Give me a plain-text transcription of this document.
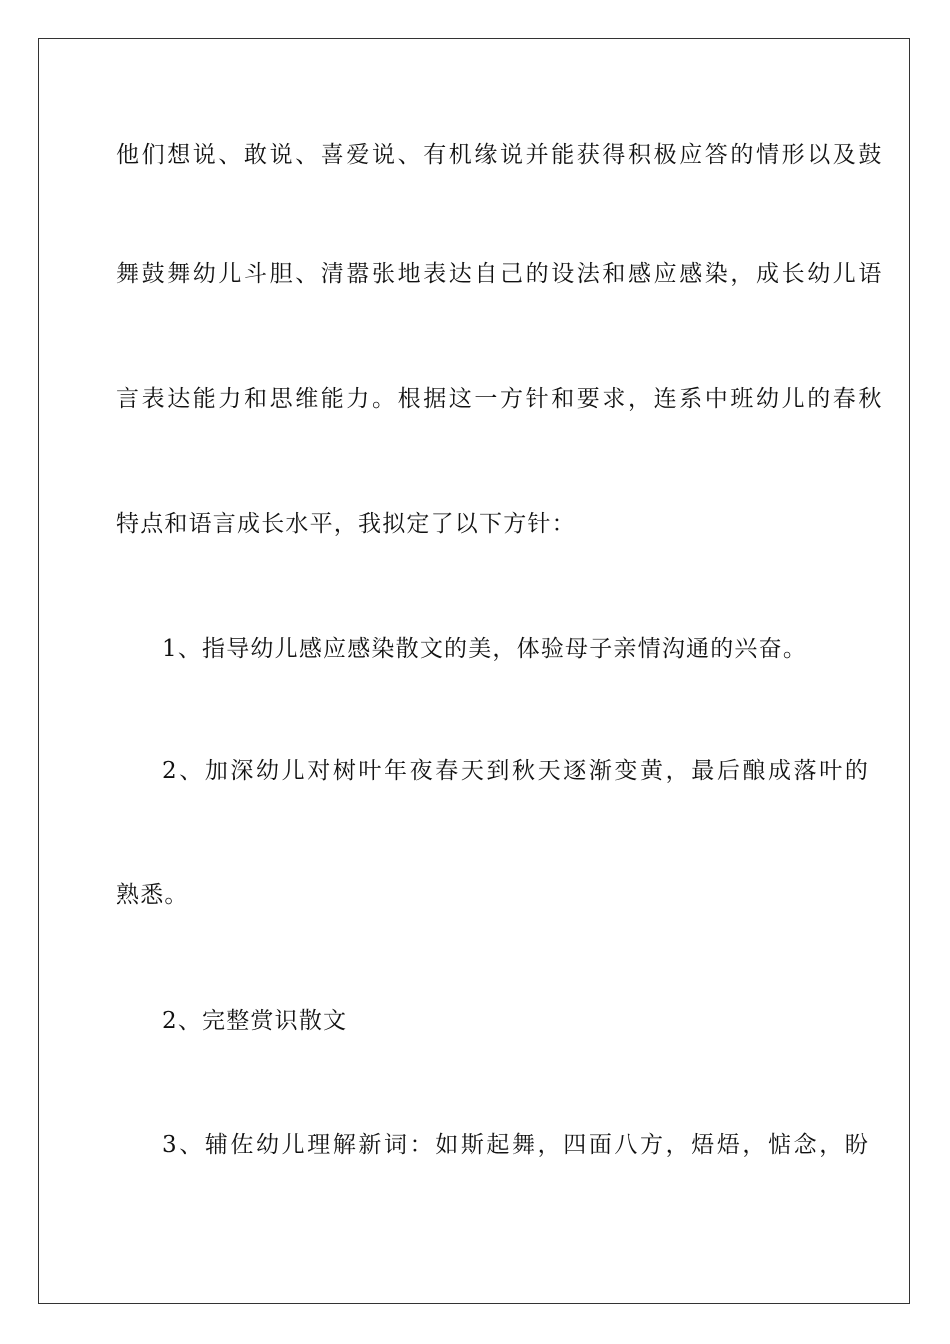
他们想说、敢说、喜爱说、有机缘说并能获得积极应答的情形以及鼓
舞鼓舞幼儿斗胆、清嚣张地表达自己的设法和感应感染，成长幼儿语
言表达能力和思维能力。根据这一方针和要求，连系中班幼儿的春秋
特点和语言成长水平，我拟定了以下方针：
1、指导幼儿感应感染散文的美，体验母子亲情沟通的兴奋。
2、加深幼儿对树叶年夜春天到秋天逐渐变黄，最后酿成落叶的
熟悉。
2、完整赏识散文
3、辅佐幼儿理解新词：如斯起舞，四面八方，焐焐，惦念，盼
